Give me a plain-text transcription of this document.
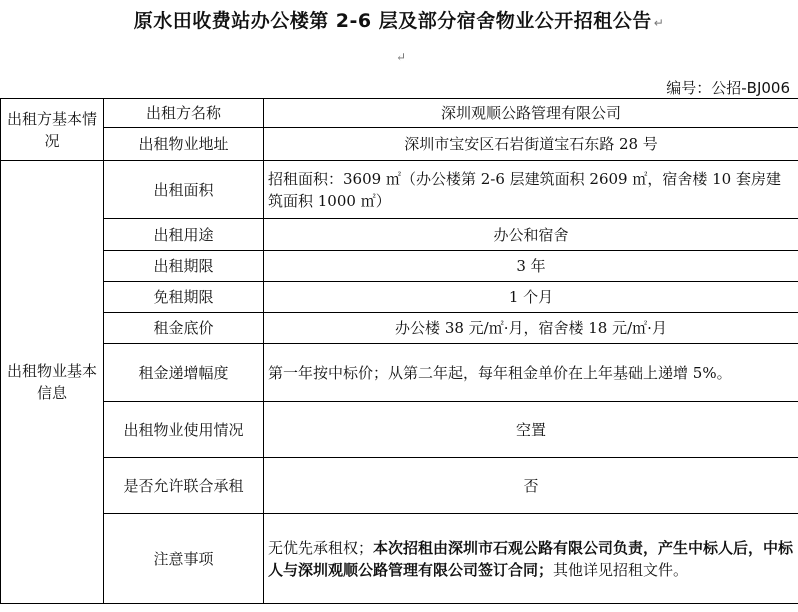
原水田收费站办公楼第 2-6 层及部分宿舍物业公开招租公告 ↵
↵
编号：公招-BJ006
出租方基本情况	出租方名称	深圳观顺公路管理有限公司
	出租物业地址	深圳市宝安区石岩街道宝石东路 28 号
出租物业基本信息	出租面积	招租面积：3609 ㎡（办公楼第 2-6 层建筑面积 2609 ㎡，宿舍楼 10 套房建筑面积 1000 ㎡）
	出租用途	办公和宿舍
	出租期限	3 年
	免租期限	1 个月
	租金底价	办公楼 38 元/㎡·月，宿舍楼 18 元/㎡·月
	租金递增幅度	第一年按中标价；从第二年起，每年租金单价在上年基础上递增 5%。
	出租物业使用情况	空置
	是否允许联合承租	否
	注意事项	无优先承租权；本次招租由深圳市石观公路有限公司负责，产生中标人后，中标人与深圳观顺公路管理有限公司签订合同；其他详见招租文件。
